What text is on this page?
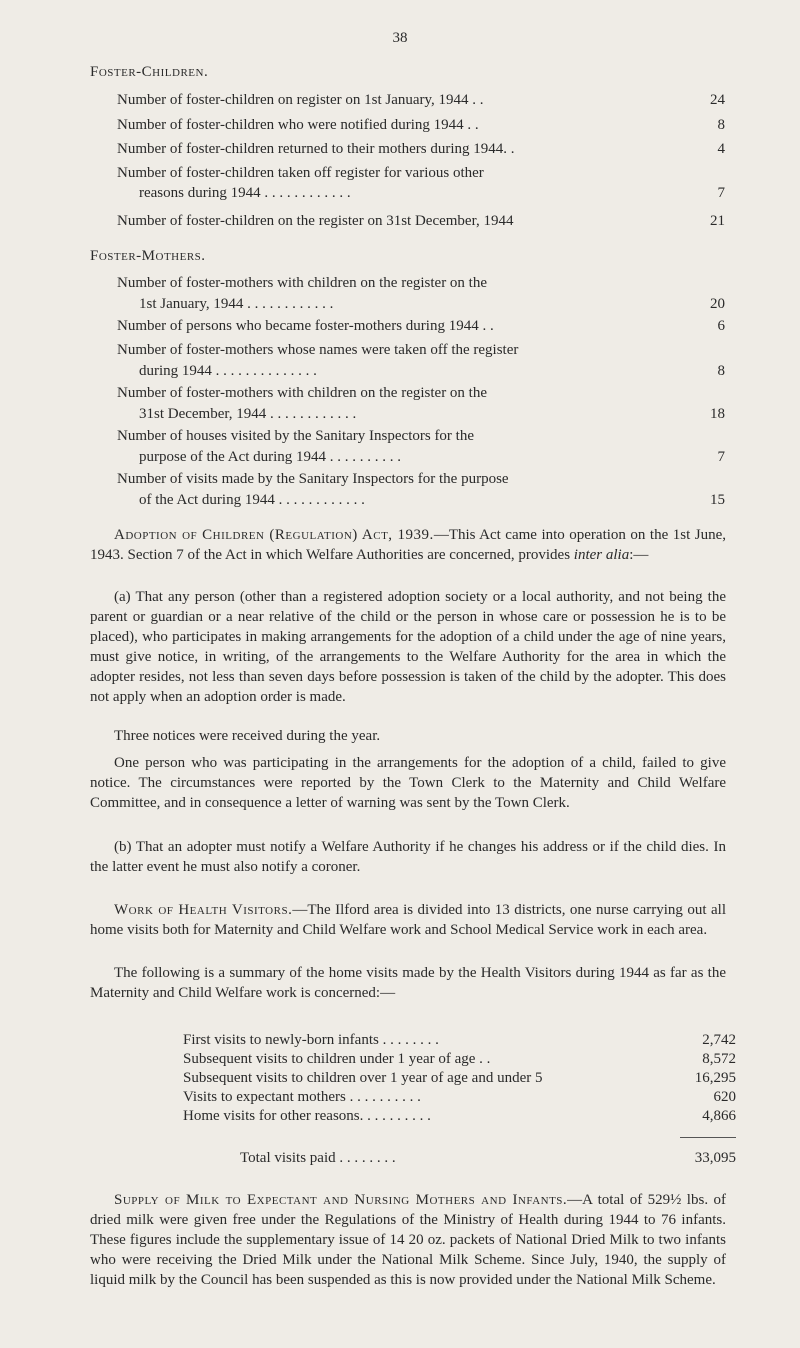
38
Foster-Children.
Number of foster-children on register on 1st January, 1944 . .	24
Number of foster-children who were notified during 1944 . .	8
Number of foster-children returned to their mothers during 1944. .	4
Number of foster-children taken off register for various other
reasons during 1944 . . . . . . . . . . . .	7
Number of foster-children on the register on 31st December, 1944	21
Foster-Mothers.
Number of foster-mothers with children on the register on the
1st January, 1944 . . . . . . . . . . . .	20
Number of persons who became foster-mothers during 1944 . .	6
Number of foster-mothers whose names were taken off the register
during 1944 . . . . . . . . . . . . . .	8
Number of foster-mothers with children on the register on the
31st December, 1944 . . . . . . . . . . . .	18
Number of houses visited by the Sanitary Inspectors for the
purpose of the Act during 1944 . . . . . . . . . .	7
Number of visits made by the Sanitary Inspectors for the purpose
of the Act during 1944 . . . . . . . . . . . .	15
Adoption of Children (Regulation) Act, 1939.—This Act came into operation on the 1st June, 1943. Section 7 of the Act in which Welfare Authorities are concerned, provides inter alia:—
(a) That any person (other than a registered adoption society or a local authority, and not being the parent or guardian or a near relative of the child or the person in whose care or possession he is to be placed), who participates in making arrangements for the adoption of a child under the age of nine years, must give notice, in writing, of the arrangements to the Welfare Authority for the area in which the adopter resides, not less than seven days before possession is taken of the child by the adopter. This does not apply when an adoption order is made.
Three notices were received during the year.
One person who was participating in the arrangements for the adoption of a child, failed to give notice. The circumstances were reported by the Town Clerk to the Maternity and Child Welfare Committee, and in consequence a letter of warning was sent by the Town Clerk.
(b) That an adopter must notify a Welfare Authority if he changes his address or if the child dies. In the latter event he must also notify a coroner.
Work of Health Visitors.—The Ilford area is divided into 13 districts, one nurse carrying out all home visits both for Maternity and Child Welfare work and School Medical Service work in each area.
The following is a summary of the home visits made by the Health Visitors during 1944 as far as the Maternity and Child Welfare work is concerned:—
First visits to newly-born infants . . . . . . . .	2,742
Subsequent visits to children under 1 year of age . .	8,572
Subsequent visits to children over 1 year of age and under 5	16,295
Visits to expectant mothers . . . . . . . . . .	620
Home visits for other reasons. . . . . . . . . .	4,866
Total visits paid . . . . . . . .	33,095
Supply of Milk to Expectant and Nursing Mothers and Infants.—A total of 529½ lbs. of dried milk were given free under the Regulations of the Ministry of Health during 1944 to 76 infants. These figures include the supplementary issue of 14 20 oz. packets of National Dried Milk to two infants who were receiving the Dried Milk under the National Milk Scheme. Since July, 1940, the supply of liquid milk by the Council has been suspended as this is now provided under the National Milk Scheme.
